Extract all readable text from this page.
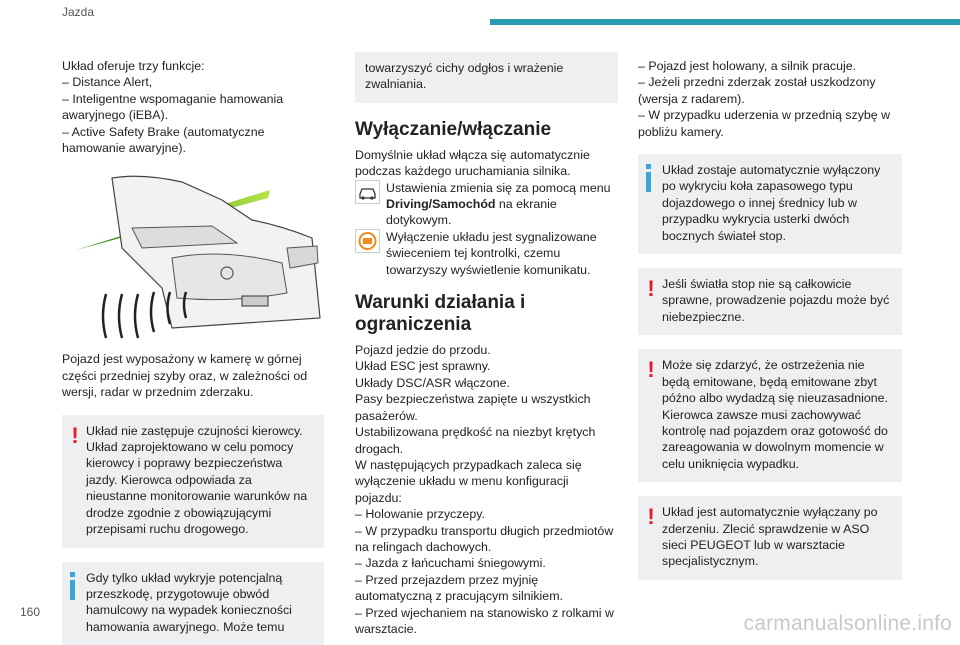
Jazda

Układ oferuje trzy funkcje:

– Distance Alert,

– Inteligentne wspomaganie hamowania awaryjnego (iEBA).

– Active Safety Brake (automatyczne hamowanie awaryjne).

Pojazd jest wyposażony w kamerę w górnej części przedniej szyby oraz, w zależności od wersji, radar w przednim zderzaku.

! Układ nie zastępuje czujności kierowcy. Układ zaprojektowano w celu pomocy kierowcy i poprawy bezpieczeństwa jazdy. Kierowca odpowiada za nieustanne monitorowanie warunków na drodze zgodnie z obowiązującymi przepisami ruchu drogowego.

Gdy tylko układ wykryje potencjalną przeszkodę, przygotowuje obwód hamulcowy na wypadek konieczności hamowania awaryjnego. Może temu

towarzyszyć cichy odgłos i wrażenie zwalniania.

Wyłączanie/włączanie

Domyślnie układ włącza się automatycznie podczas każdego uruchamiania silnika.

Ustawienia zmienia się za pomocą menu Driving/Samochód na ekranie dotykowym.

Wyłączenie układu jest sygnalizowane świeceniem tej kontrolki, czemu towarzyszy wyświetlenie komunikatu.

Warunki działania i ograniczenia

Pojazd jedzie do przodu.

Układ ESC jest sprawny.

Układy DSC/ASR włączone.

Pasy bezpieczeństwa zapięte u wszystkich pasażerów.

Ustabilizowana prędkość na niezbyt krętych drogach.

W następujących przypadkach zaleca się wyłączenie układu w menu konfiguracji pojazdu:

– Holowanie przyczepy.

– W przypadku transportu długich przedmiotów na relingach dachowych.

– Jazda z łańcuchami śniegowymi.

– Przed przejazdem przez myjnię automatyczną z pracującym silnikiem.

– Przed wjechaniem na stanowisko z rolkami w warsztacie.

– Pojazd jest holowany, a silnik pracuje.

– Jeżeli przedni zderzak został uszkodzony (wersja z radarem).

– W przypadku uderzenia w przednią szybę w pobliżu kamery.

Układ zostaje automatycznie wyłączony po wykryciu koła zapasowego typu dojazdowego o innej średnicy lub w przypadku wykrycia usterki dwóch bocznych świateł stop.

! Jeśli światła stop nie są całkowicie sprawne, prowadzenie pojazdu może być niebezpieczne.

! Może się zdarzyć, że ostrzeżenia nie będą emitowane, będą emitowane zbyt późno albo wydadzą się nieuzasadnione. Kierowca zawsze musi zachowywać kontrolę nad pojazdem oraz gotowość do zareagowania w dowolnym momencie w celu uniknięcia wypadku.

! Układ jest automatycznie wyłączany po zderzeniu. Zlecić sprawdzenie w ASO sieci PEUGEOT lub w warsztacie specjalistycznym.

160	carmanualsonline.info
